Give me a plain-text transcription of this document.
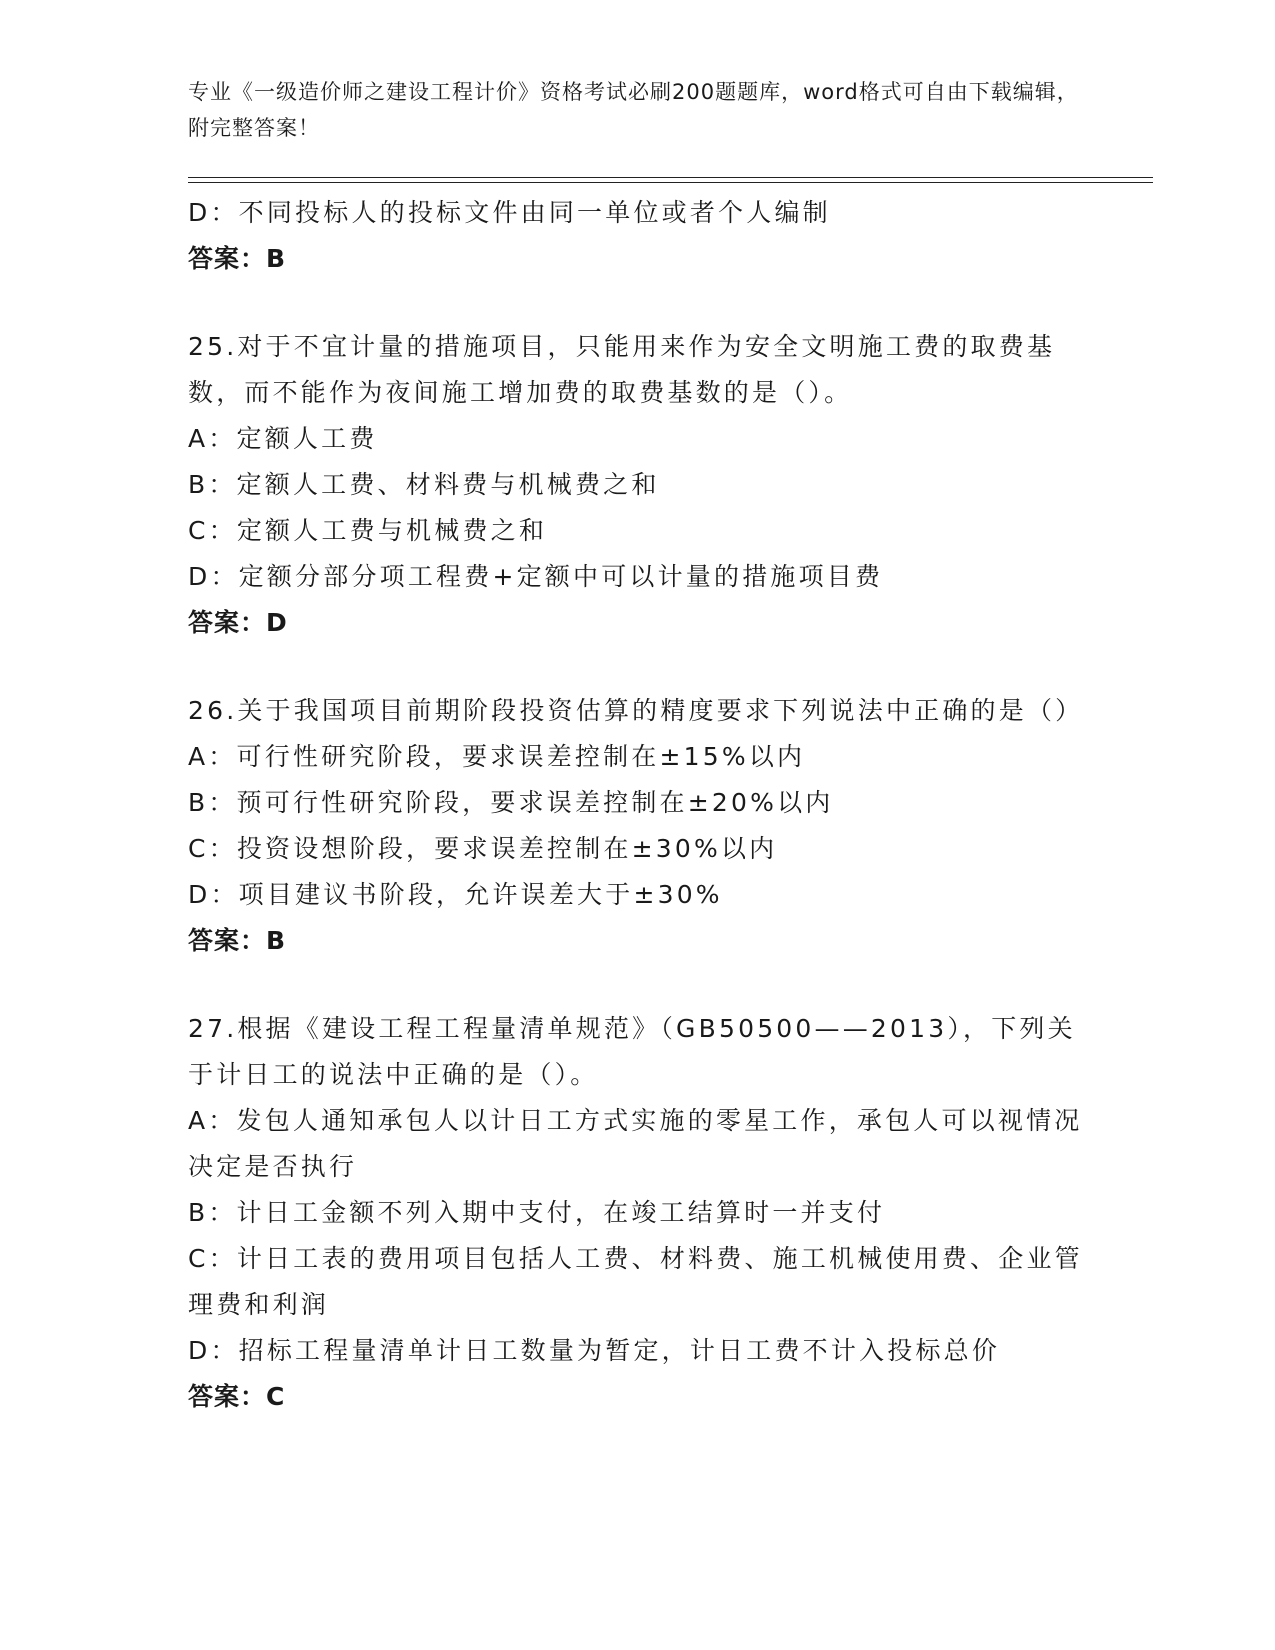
专业《一级造价师之建设工程计价》资格考试必刷200题题库，word格式可自由下载编辑，附完整答案！
D：不同投标人的投标文件由同一单位或者个人编制
答案：B
25.对于不宜计量的措施项目，只能用来作为安全文明施工费的取费基数，而不能作为夜间施工增加费的取费基数的是（）。
A：定额人工费
B：定额人工费、材料费与机械费之和
C：定额人工费与机械费之和
D：定额分部分项工程费+定额中可以计量的措施项目费
答案：D
26.关于我国项目前期阶段投资估算的精度要求下列说法中正确的是（）
A：可行性研究阶段，要求误差控制在±15%以内
B：预可行性研究阶段，要求误差控制在±20%以内
C：投资设想阶段，要求误差控制在±30%以内
D：项目建议书阶段，允许误差大于±30%
答案：B
27.根据《建设工程工程量清单规范》（GB50500——2013），下列关于计日工的说法中正确的是（）。
A：发包人通知承包人以计日工方式实施的零星工作，承包人可以视情况决定是否执行
B：计日工金额不列入期中支付，在竣工结算时一并支付
C：计日工表的费用项目包括人工费、材料费、施工机械使用费、企业管理费和利润
D：招标工程量清单计日工数量为暂定，计日工费不计入投标总价
答案：C
